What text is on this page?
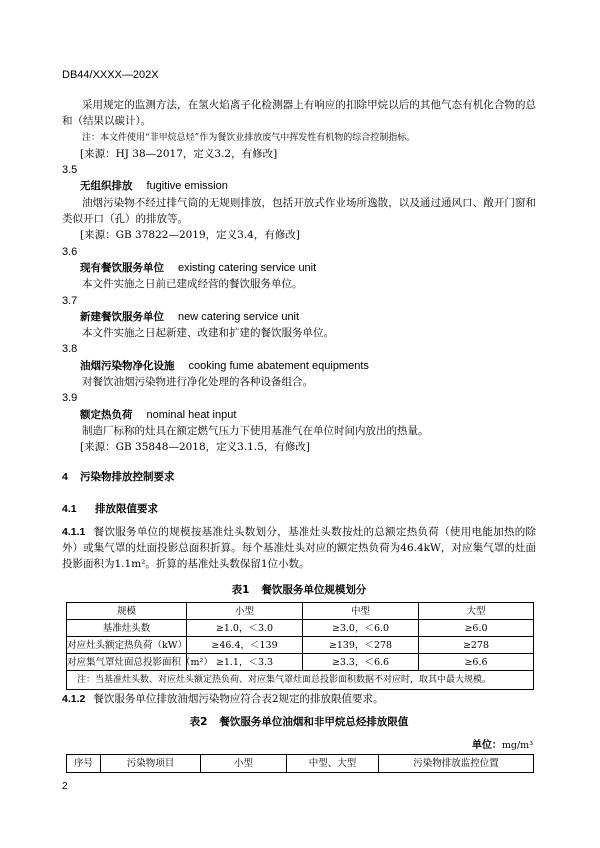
DB44/XXXX—202X

采用规定的监测方法，在氢火焰离子化检测器上有响应的扣除甲烷以后的其他气态有机化合物的总和（结果以碳计）。

注：本文件使用“非甲烷总烃”作为餐饮业排放废气中挥发性有机物的综合控制指标。

[来源：HJ 38—2017，定义3.2，有修改]

3.5

无组织排放 fugitive emission

油烟污染物不经过排气筒的无规则排放，包括开放式作业场所逸散，以及通过通风口、敞开门窗和类似开口（孔）的排放等。

[来源：GB 37822—2019，定义3.4，有修改]

3.6

现有餐饮服务单位 existing catering service unit

本文件实施之日前已建成经营的餐饮服务单位。

3.7

新建餐饮服务单位 new catering service unit

本文件实施之日起新建、改建和扩建的餐饮服务单位。

3.8

油烟污染物净化设施 cooking fume abatement equipments

对餐饮油烟污染物进行净化处理的各种设备组合。

3.9

额定热负荷 nominal heat input

制造厂标称的灶具在额定燃气压力下使用基准气在单位时间内放出的热量。

[来源：GB 35848—2018，定义3.1.5，有修改]

4 污染物排放控制要求
4.1 排放限值要求

4.1.1 餐饮服务单位的规模按基准灶头数划分，基准灶头数按灶的总额定热负荷（使用电能加热的除外）或集气罩的灶面投影总面积折算。每个基准灶头对应的额定热负荷为46.4kW，对应集气罩的灶面投影面积为1.1m²。折算的基准灶头数保留1位小数。

表1 餐饮服务单位规模划分
规模	小型	中型	大型
基准灶头数	≥1.0，＜3.0	≥3.0，＜6.0	≥6.0
对应灶头额定热负荷（kW）	≥46.4，＜139	≥139，＜278	≥278
对应集气罩灶面总投影面积（m²）	≥1.1，＜3.3	≥3.3，＜6.6	≥6.6
注：当基准灶头数、对应灶头额定热负荷、对应集气罩灶面总投影面积数据不对应时，取其中最大规模。			

4.1.2 餐饮服务单位排放油烟污染物应符合表2规定的排放限值要求。

表2 餐饮服务单位油烟和非甲烷总烃排放限值
单位：mg/m³
序号	污染物项目	小型	中型、大型	污染物排放监控位置
2
